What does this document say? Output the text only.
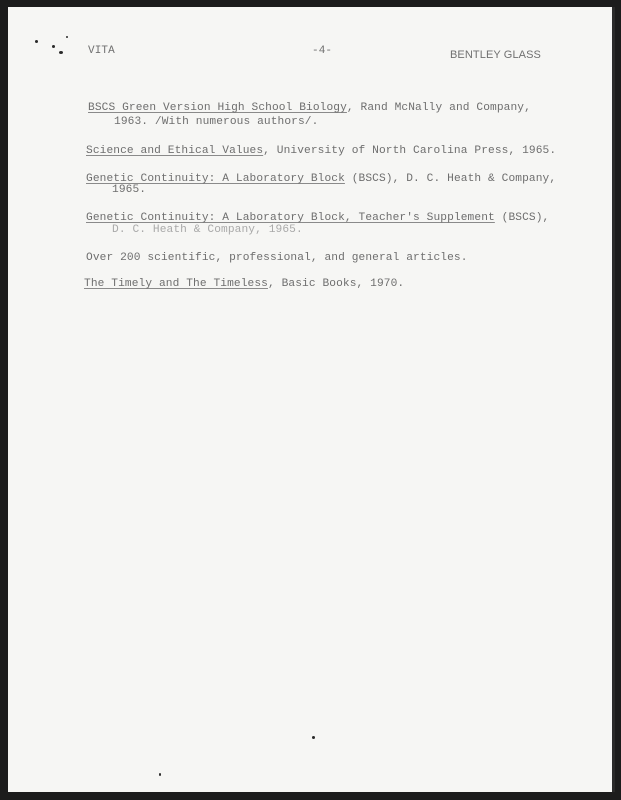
VITA	-4-	BENTLEY GLASS
BSCS Green Version High School Biology, Rand McNally and Company,
1963. /With numerous authors/.
Science and Ethical Values, University of North Carolina Press, 1965.
Genetic Continuity: A Laboratory Block (BSCS), D. C. Heath & Company,
1965.
Genetic Continuity: A Laboratory Block, Teacher's Supplement (BSCS),
D. C. Heath & Company, 1965.
Over 200 scientific, professional, and general articles.
The Timely and The Timeless, Basic Books, 1970.
